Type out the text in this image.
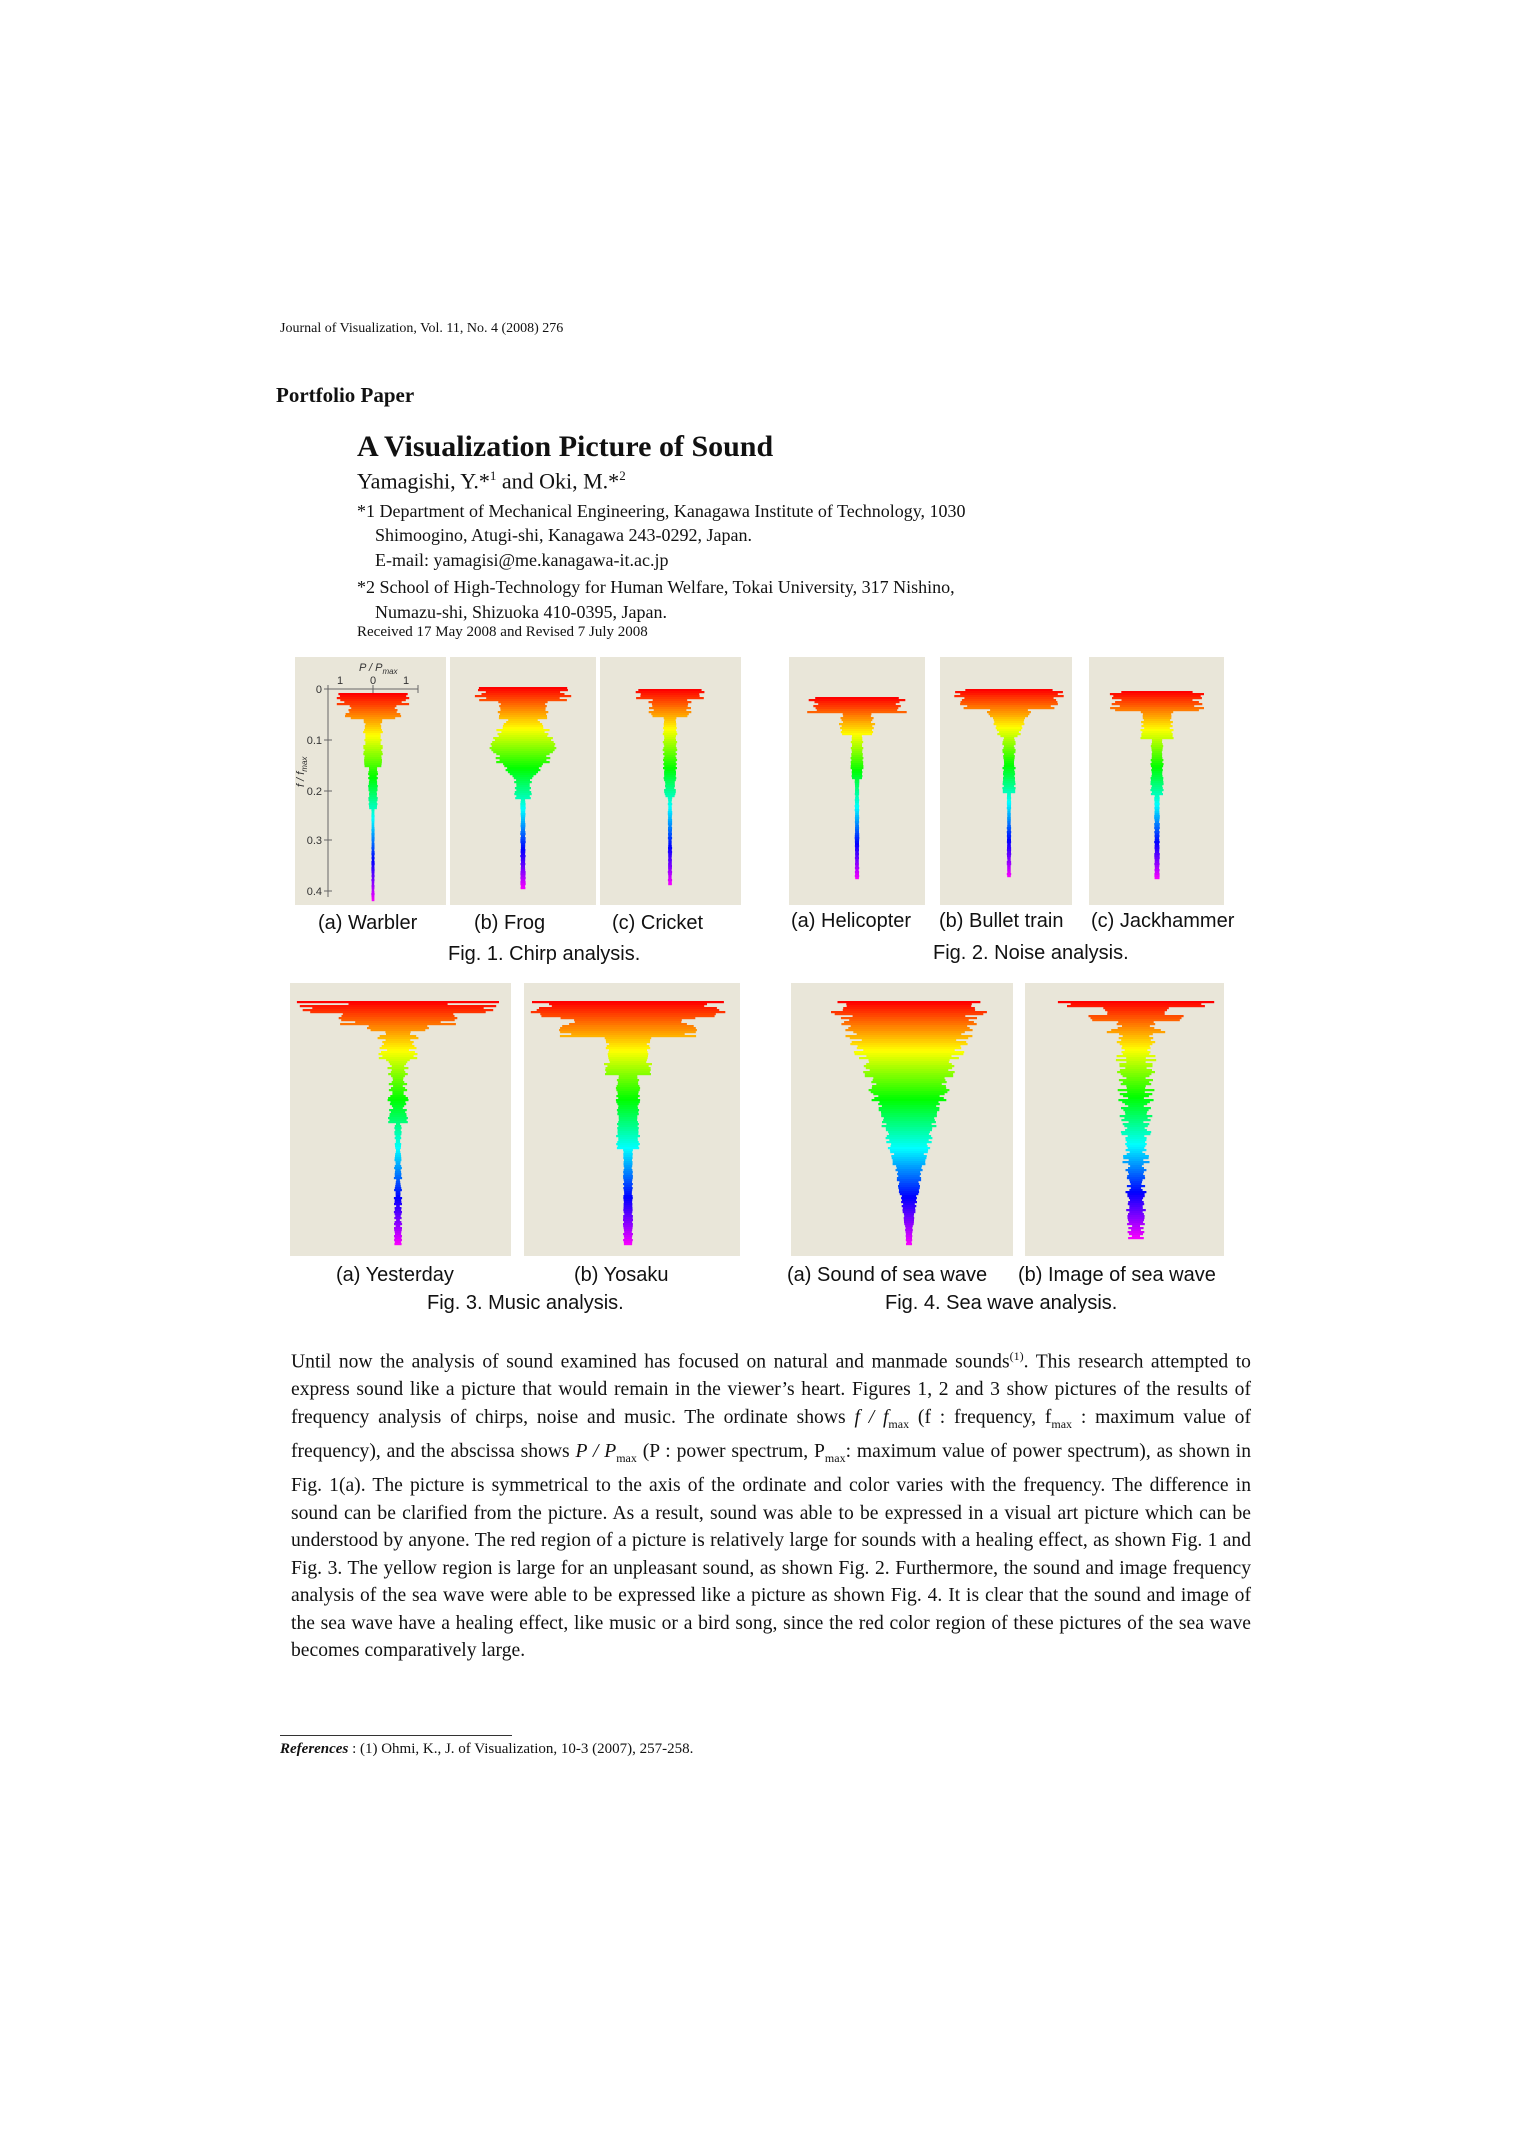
Journal of Visualization, Vol. 11, No. 4 (2008) 276
Portfolio Paper
A Visualization Picture of Sound
Yamagishi, Y.*$^1$ and Oki, M.*$^2$
*1 Department of Mechanical Engineering, Kanagawa Institute of Technology, 1030
Shimoogino, Atugi-shi, Kanagawa 243-0292, Japan.
E-mail: yamagisi@me.kanagawa-it.ac.jp
*2 School of High-Technology for Human Welfare, Tokai University, 317 Nishino,
Numazu-shi, Shizuoka 410-0395, Japan.
Received 17 May 2008 and Revised 7 July 2008
P / $P_{max}$
1 0 1
0
0.1
0.2
0.3
0.4
f / $f_{max}$
(a) Warbler	(b) Frog	(c) Cricket
Fig. 1. Chirp analysis.
(a) Helicopter (b) Bullet train (c) Jackhammer
Fig. 2. Noise analysis.
(a) Yesterday	(b) Yosaku
Fig. 3. Music analysis.
(a) Sound of sea wave (b) Image of sea wave
Fig. 4. Sea wave analysis.

Until now the analysis of sound examined has focused on natural and manmade sounds$^{(1)}$. This research attempted to express sound like a picture that would remain in the viewer’s heart. Figures 1, 2 and 3 show pictures of the results of frequency analysis of chirps, noise and music. The ordinate shows f / $f_{max}$ (f : frequency, $f_{max}$ : maximum value of frequency), and the abscissa shows P / $P_{max}$ (P : power spectrum, $P_{max}$: maximum value of power spectrum), as shown in Fig. 1(a). The picture is symmetrical to the axis of the ordinate and color varies with the frequency. The difference in sound can be clarified from the picture. As a result, sound was able to be expressed in a visual art picture which can be understood by anyone. The red region of a picture is relatively large for sounds with a healing effect, as shown Fig. 1 and Fig. 3. The yellow region is large for an unpleasant sound, as shown Fig. 2. Furthermore, the sound and image frequency analysis of the sea wave were able to be expressed like a picture as shown Fig. 4. It is clear that the sound and image of the sea wave have a healing effect, like music or a bird song, since the red color region of these pictures of the sea wave becomes comparatively large.

References : (1) Ohmi, K., J. of Visualization, 10-3 (2007), 257-258.
